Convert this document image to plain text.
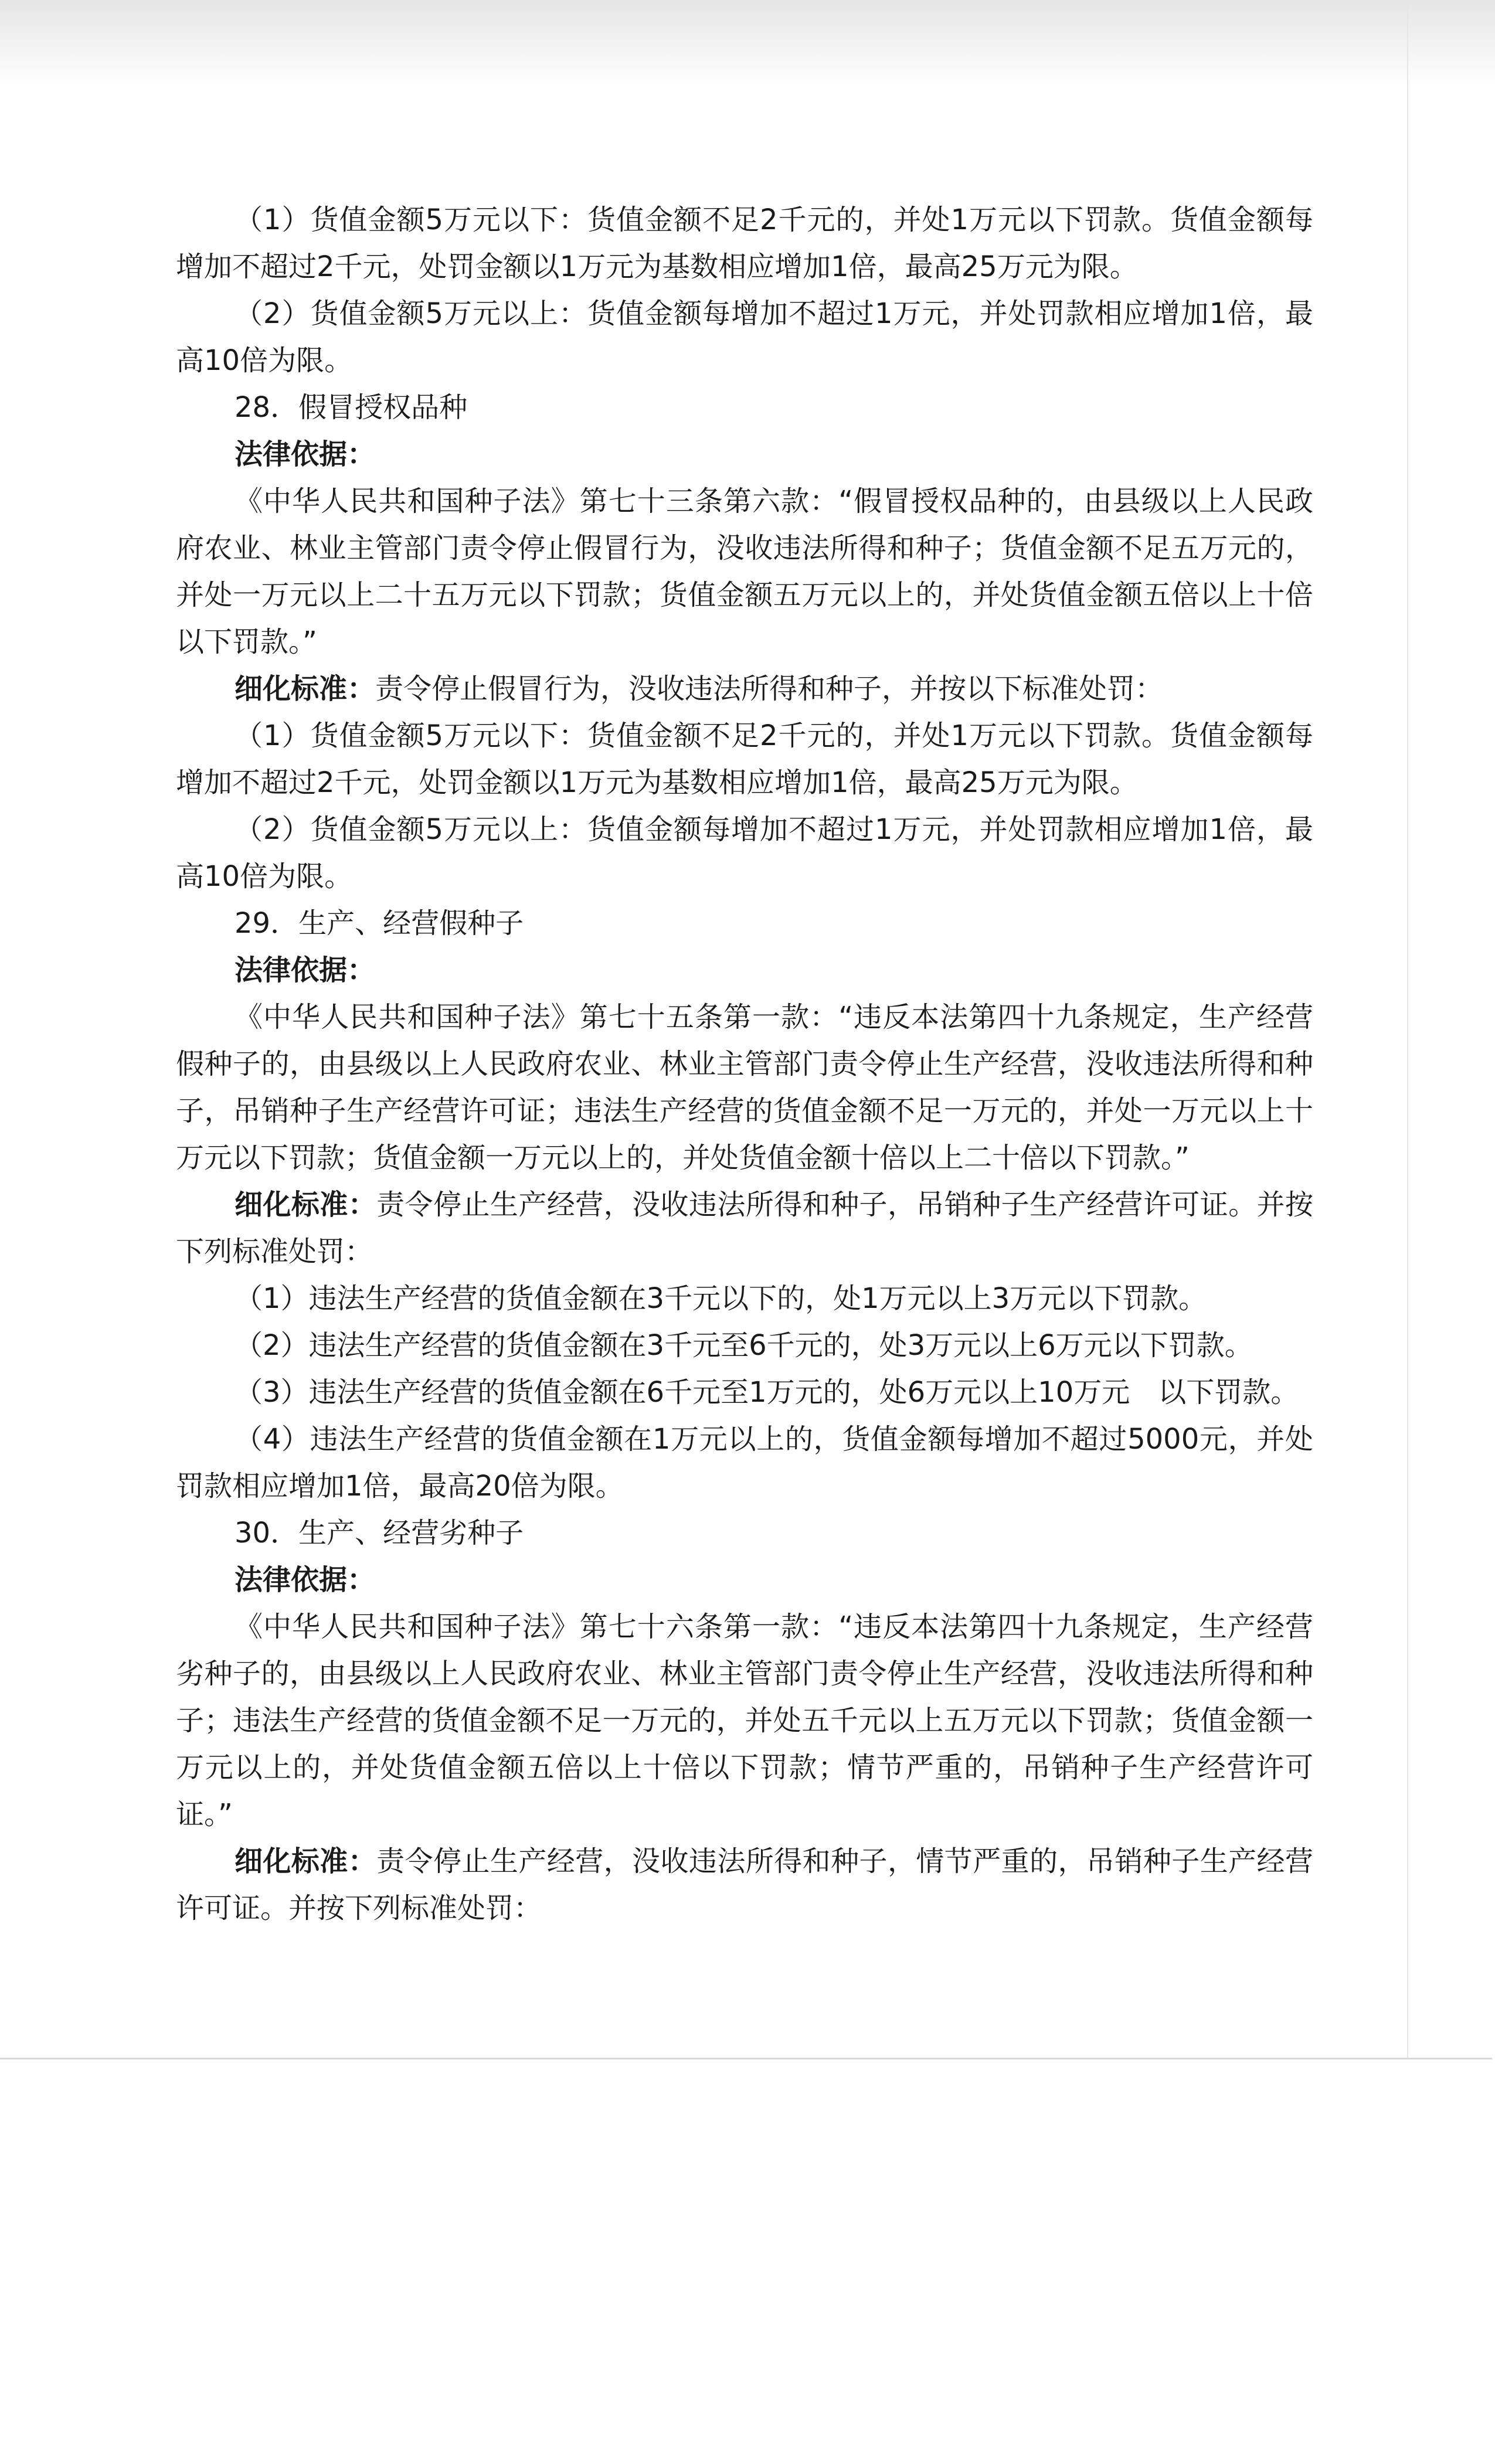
（1）货值金额5万元以下：货值金额不足2千元的，并处1万元以下罚款。货值金额每增加不超过2千元，处罚金额以1万元为基数相应增加1倍，最高25万元为限。

（2）货值金额5万元以上：货值金额每增加不超过1万元，并处罚款相应增加1倍，最高10倍为限。

28．假冒授权品种

法律依据：

《中华人民共和国种子法》第七十三条第六款：“假冒授权品种的，由县级以上人民政府农业、林业主管部门责令停止假冒行为，没收违法所得和种子；货值金额不足五万元的，并处一万元以上二十五万元以下罚款；货值金额五万元以上的，并处货值金额五倍以上十倍以下罚款。”

细化标准：责令停止假冒行为，没收违法所得和种子，并按以下标准处罚：

（1）货值金额5万元以下：货值金额不足2千元的，并处1万元以下罚款。货值金额每增加不超过2千元，处罚金额以1万元为基数相应增加1倍，最高25万元为限。

（2）货值金额5万元以上：货值金额每增加不超过1万元，并处罚款相应增加1倍，最高10倍为限。

29．生产、经营假种子

法律依据：

《中华人民共和国种子法》第七十五条第一款：“违反本法第四十九条规定，生产经营假种子的，由县级以上人民政府农业、林业主管部门责令停止生产经营，没收违法所得和种子，吊销种子生产经营许可证；违法生产经营的货值金额不足一万元的，并处一万元以上十万元以下罚款；货值金额一万元以上的，并处货值金额十倍以上二十倍以下罚款。”

细化标准：责令停止生产经营，没收违法所得和种子，吊销种子生产经营许可证。并按下列标准处罚：

（1）违法生产经营的货值金额在3千元以下的，处1万元以上3万元以下罚款。

（2）违法生产经营的货值金额在3千元至6千元的，处3万元以上6万元以下罚款。

（3）违法生产经营的货值金额在6千元至1万元的，处6万元以上10万元　以下罚款。

（4）违法生产经营的货值金额在1万元以上的，货值金额每增加不超过5000元，并处罚款相应增加1倍，最高20倍为限。

30．生产、经营劣种子

法律依据：

《中华人民共和国种子法》第七十六条第一款：“违反本法第四十九条规定，生产经营劣种子的，由县级以上人民政府农业、林业主管部门责令停止生产经营，没收违法所得和种子；违法生产经营的货值金额不足一万元的，并处五千元以上五万元以下罚款；货值金额一万元以上的，并处货值金额五倍以上十倍以下罚款；情节严重的，吊销种子生产经营许可证。”

细化标准：责令停止生产经营，没收违法所得和种子，情节严重的，吊销种子生产经营许可证。并按下列标准处罚：
